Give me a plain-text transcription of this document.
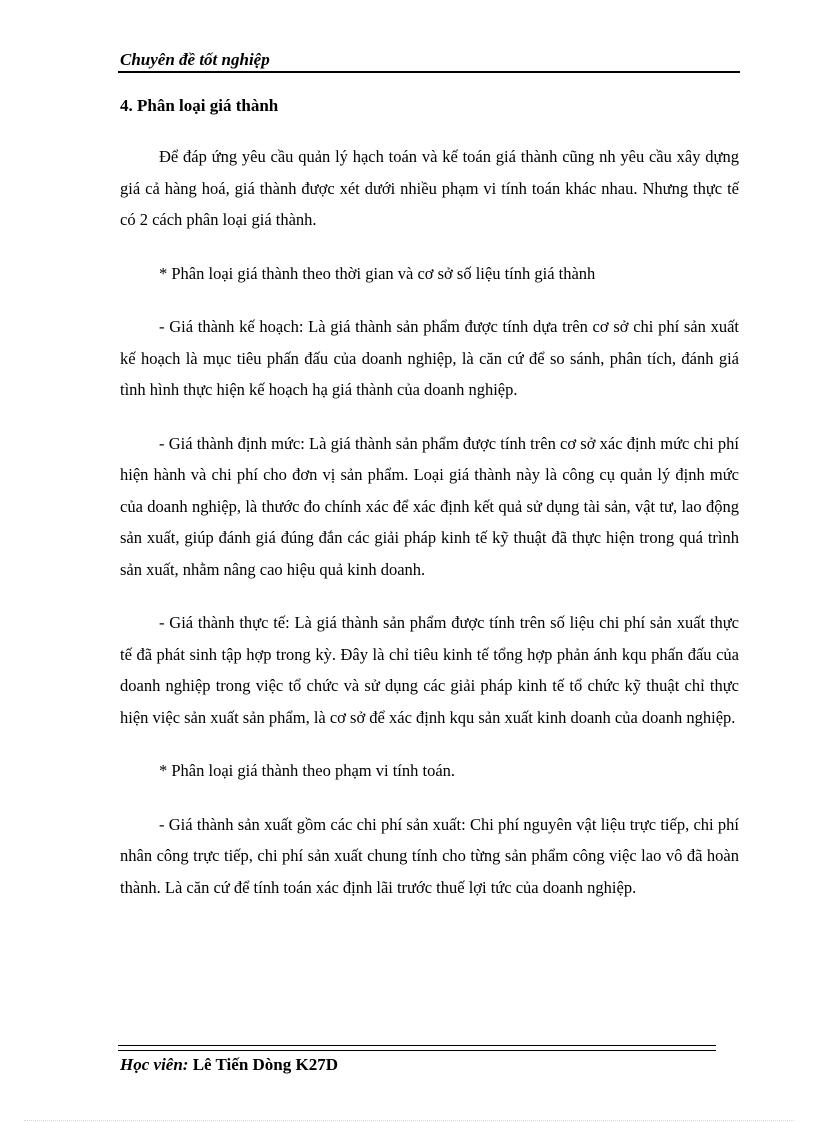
Chuyên đề tốt nghiệp
4. Phân loại giá thành

Để đáp ứng yêu cầu quản lý hạch toán và kế toán giá thành cũng nh yêu cầu xây dựng giá cả hàng hoá, giá thành được xét dưới nhiều phạm vi tính toán khác nhau. Nhưng thực tế có 2 cách phân loại giá thành.

* Phân loại giá thành theo thời gian và cơ sở số liệu tính giá thành

- Giá thành kế hoạch: Là giá thành sản phẩm được tính dựa trên cơ sở chi phí sản xuất kế hoạch là mục tiêu phấn đấu của doanh nghiệp, là căn cứ để so sánh, phân tích, đánh giá tình hình thực hiện kế hoạch hạ giá thành của doanh nghiệp.

- Giá thành định mức: Là giá thành sản phẩm được tính trên cơ sở xác định mức chi phí hiện hành và chi phí cho đơn vị sản phẩm. Loại giá thành này là công cụ quản lý định mức của doanh nghiệp, là thước đo chính xác để xác định kết quả sử dụng tài sản, vật tư, lao động sản xuất, giúp đánh giá đúng đắn các giải pháp kinh tế kỹ thuật đã thực hiện trong quá trình sản xuất, nhằm nâng cao hiệu quả kinh doanh.

- Giá thành thực tế: Là giá thành sản phẩm được tính trên số liệu chi phí sản xuất thực tế đã phát sinh tập hợp trong kỳ. Đây là chỉ tiêu kinh tế tổng hợp phản ánh kqu phấn đấu của doanh nghiệp trong việc tổ chức và sử dụng các giải pháp kinh tế tổ chức kỹ thuật chỉ thực hiện việc sản xuất sản phẩm, là cơ sở để xác định kqu sản xuất kinh doanh của doanh nghiệp.

* Phân loại giá thành theo phạm vi tính toán.

- Giá thành sản xuất gồm các chi phí sản xuất: Chi phí nguyên vật liệu trực tiếp, chi phí nhân công trực tiếp, chi phí sản xuất chung tính cho từng sản phẩm công việc lao vô đã hoàn thành. Là căn cứ để tính toán xác định lãi trước thuế lợi tức của doanh nghiệp.

Học viên: Lê Tiến Dòng K27D
